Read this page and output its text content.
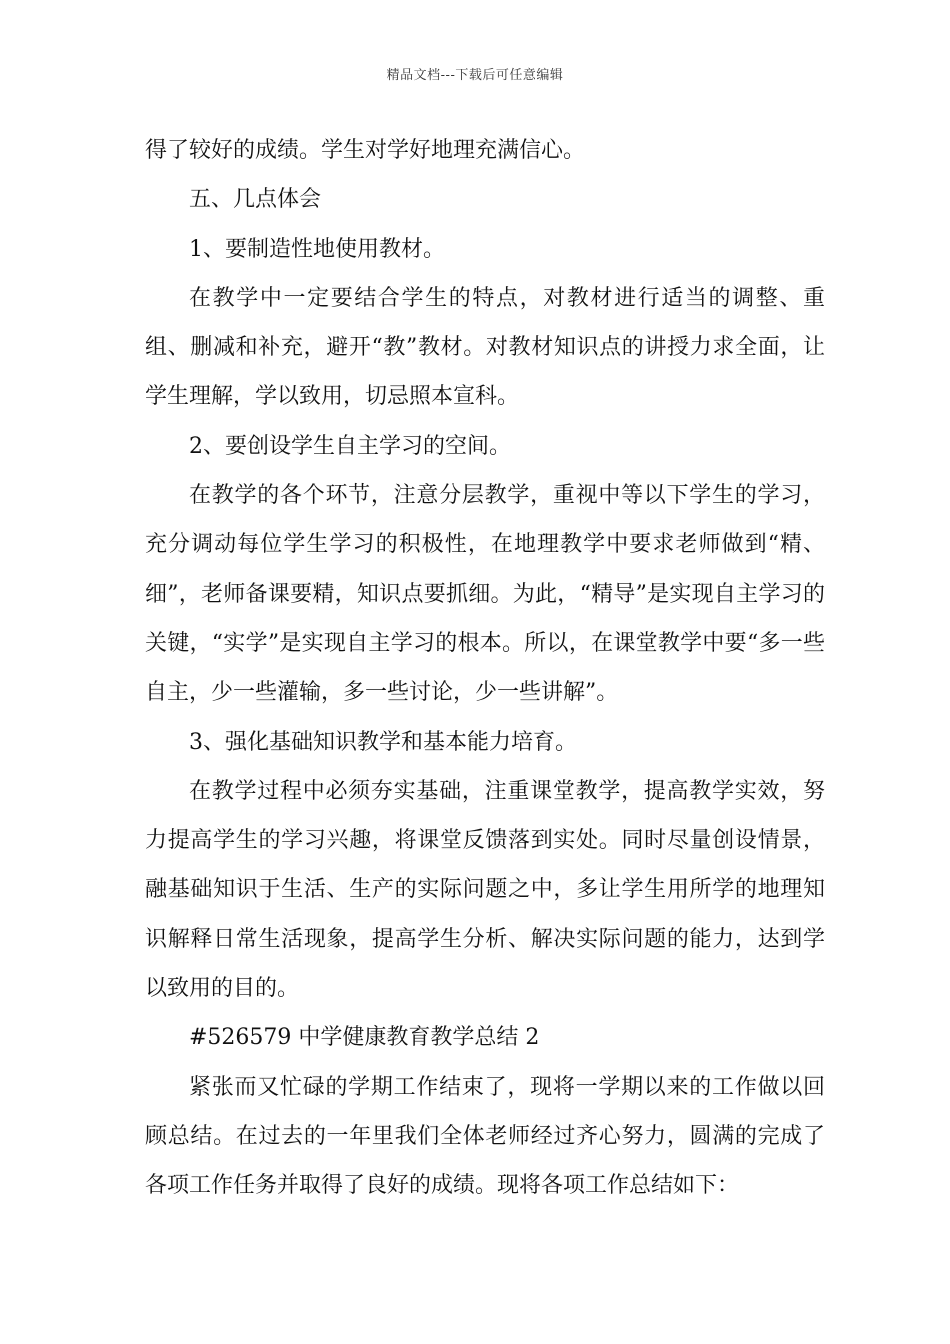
精品文档---下载后可任意编辑

得了较好的成绩。学生对学好地理充满信心。

五、几点体会

1、要制造性地使用教材。

在教学中一定要结合学生的特点，对教材进行适当的调整、重组、删减和补充，避开“教”教材。对教材知识点的讲授力求全面，让学生理解，学以致用，切忌照本宣科。

2、要创设学生自主学习的空间。

在教学的各个环节，注意分层教学，重视中等以下学生的学习，充分调动每位学生学习的积极性，在地理教学中要求老师做到“精、细”，老师备课要精，知识点要抓细。为此，“精导”是实现自主学习的关键，“实学”是实现自主学习的根本。所以，在课堂教学中要“多一些自主，少一些灌输，多一些讨论，少一些讲解”。

3、强化基础知识教学和基本能力培育。

在教学过程中必须夯实基础，注重课堂教学，提高教学实效，努力提高学生的学习兴趣，将课堂反馈落到实处。同时尽量创设情景，融基础知识于生活、生产的实际问题之中，多让学生用所学的地理知识解释日常生活现象，提高学生分析、解决实际问题的能力，达到学以致用的目的。

#526579 中学健康教育教学总结 2

紧张而又忙碌的学期工作结束了，现将一学期以来的工作做以回顾总结。在过去的一年里我们全体老师经过齐心努力，圆满的完成了各项工作任务并取得了良好的成绩。现将各项工作总结如下：
